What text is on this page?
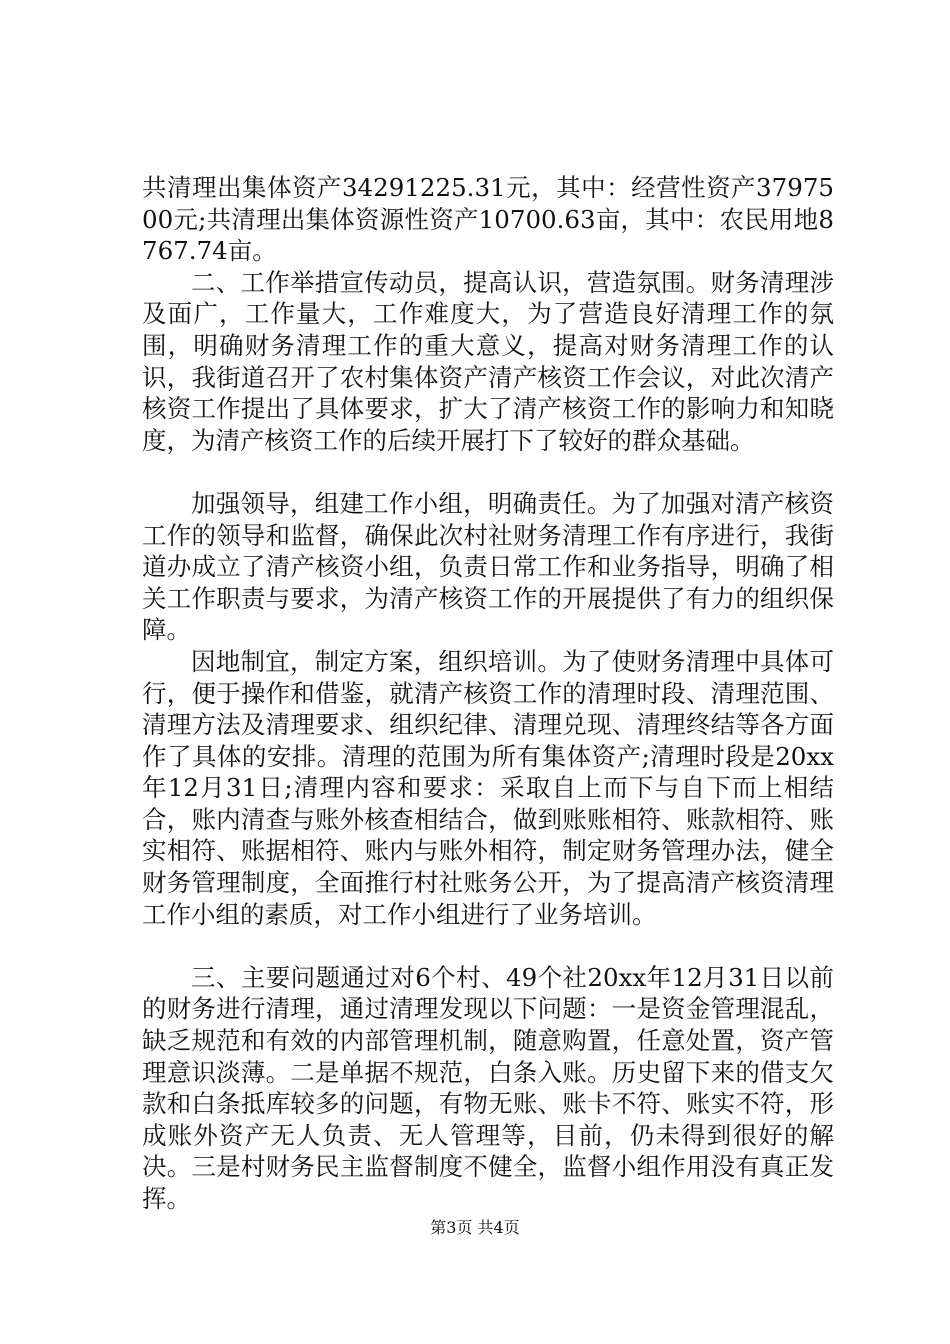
共清理出集体资产34291225.31元，其中：经营性资产3797500元;共清理出集体资源性资产10700.63亩，其中：农民用地8767.74亩。

二、工作举措宣传动员，提高认识，营造氛围。财务清理涉及面广，工作量大，工作难度大，为了营造良好清理工作的氛围，明确财务清理工作的重大意义，提高对财务清理工作的认识，我街道召开了农村集体资产清产核资工作会议，对此次清产核资工作提出了具体要求，扩大了清产核资工作的影响力和知晓度，为清产核资工作的后续开展打下了较好的群众基础。

加强领导，组建工作小组，明确责任。为了加强对清产核资工作的领导和监督，确保此次村社财务清理工作有序进行，我街道办成立了清产核资小组，负责日常工作和业务指导，明确了相关工作职责与要求，为清产核资工作的开展提供了有力的组织保障。

因地制宜，制定方案，组织培训。为了使财务清理中具体可行，便于操作和借鉴，就清产核资工作的清理时段、清理范围、清理方法及清理要求、组织纪律、清理兑现、清理终结等各方面作了具体的安排。清理的范围为所有集体资产;清理时段是20xx年12月31日;清理内容和要求：采取自上而下与自下而上相结合，账内清查与账外核查相结合，做到账账相符、账款相符、账实相符、账据相符、账内与账外相符，制定财务管理办法，健全财务管理制度，全面推行村社账务公开，为了提高清产核资清理工作小组的素质，对工作小组进行了业务培训。

三、主要问题通过对6个村、49个社20xx年12月31日以前的财务进行清理，通过清理发现以下问题：一是资金管理混乱，缺乏规范和有效的内部管理机制，随意购置，任意处置，资产管理意识淡薄。二是单据不规范，白条入账。历史留下来的借支欠款和白条抵库较多的问题，有物无账、账卡不符、账实不符，形成账外资产无人负责、无人管理等，目前，仍未得到很好的解决。三是村财务民主监督制度不健全，监督小组作用没有真正发挥。

第3页 共4页
